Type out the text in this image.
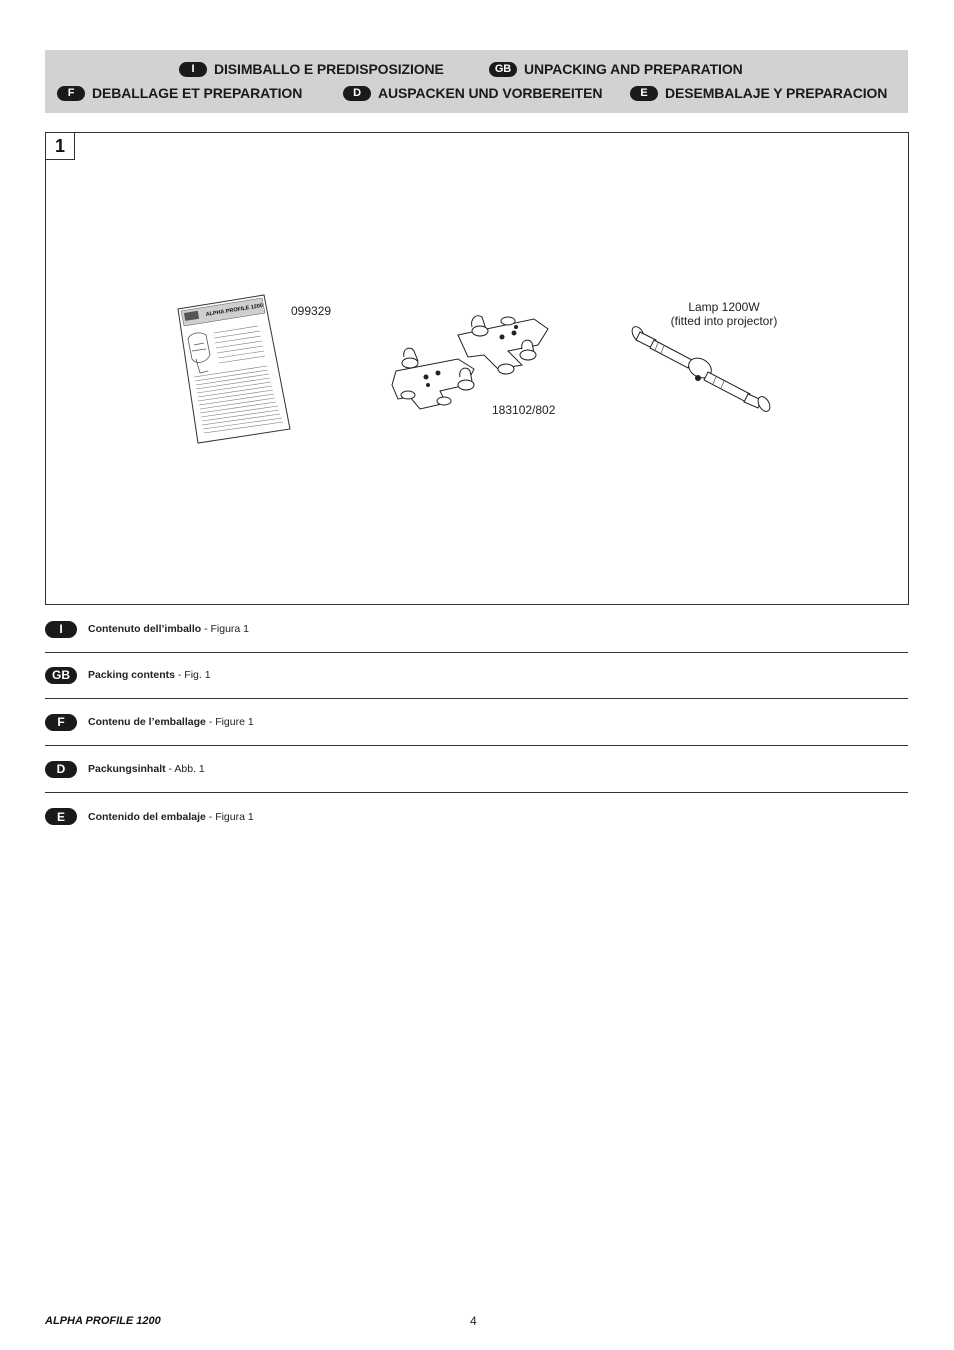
I	DISIMBALLO E PREDISPOSIZIONE	GB UNPACKING AND PREPARATION
F	DEBALLAGE ET PREPARATION	D	AUSPACKEN UND VORBEREITEN	E	DESEMBALAJE Y PREPARACION
1
ALPHA PROFILE 1200 099329
183102/802
Lamp 1200W
(fitted into projector)
I	Contenuto dell’imballo - Figura 1
GB	Packing contents - Fig. 1
F	Contenu de l’emballage - Figure 1
D	Packungsinhalt - Abb. 1
E	Contenido del embalaje - Figura 1
ALPHA PROFILE 1200	4
